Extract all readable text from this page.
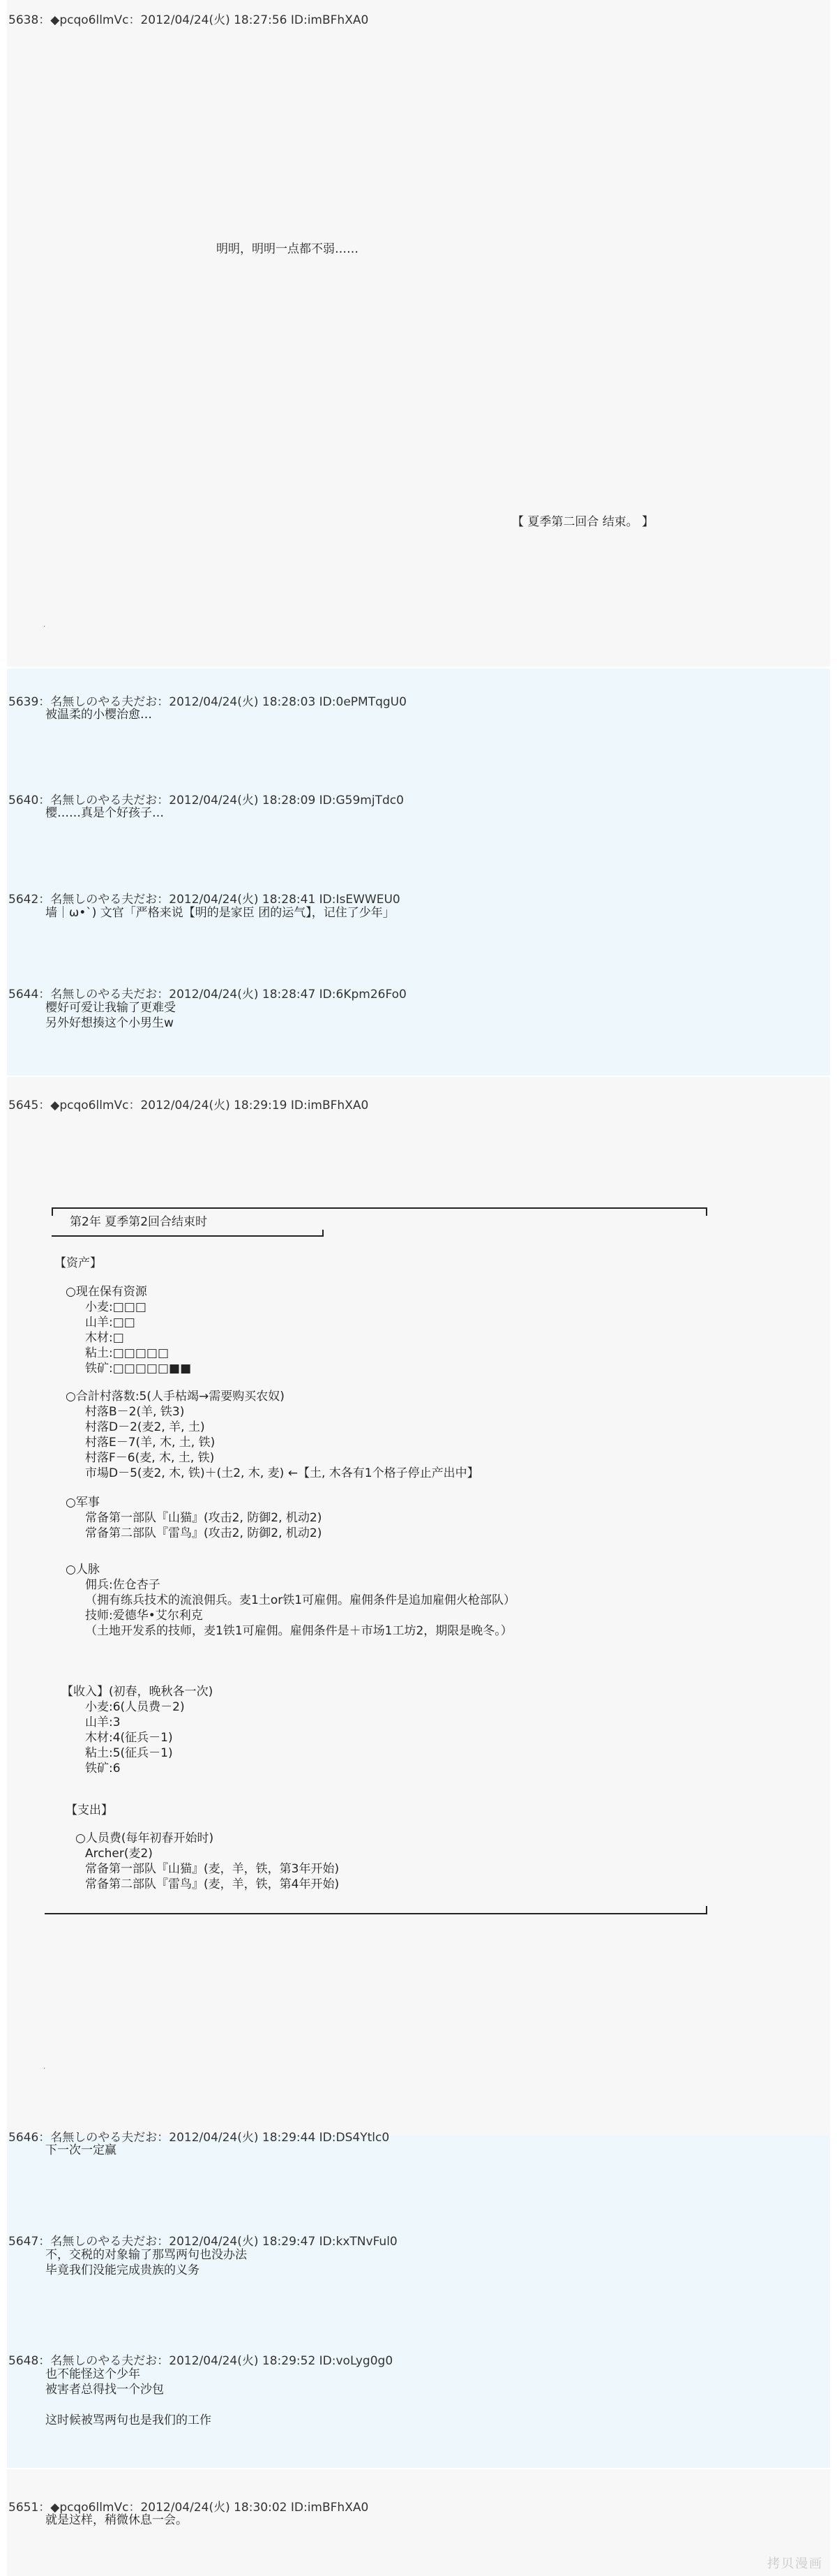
5638：◆pcqo6llmVc：2012/04/24(火) 18:27:56 ID:imBFhXA0
明明，明明一点都不弱……
【 夏季第二回合 结束。 】
.
5639：名無しのやる夫だお：2012/04/24(火) 18:28:03 ID:0ePMTqgU0
被温柔的小樱治愈…
5640：名無しのやる夫だお：2012/04/24(火) 18:28:09 ID:G59mjTdc0
樱……真是个好孩子…
5642：名無しのやる夫だお：2012/04/24(火) 18:28:41 ID:IsEWWEU0
墙｜ω•`) 文官「严格来说【明的是家臣 团的运气】，记住了少年」
5644：名無しのやる夫だお：2012/04/24(火) 18:28:47 ID:6Kpm26Fo0
樱好可爱让我输了更难受
另外好想揍这个小男生w
5645：◆pcqo6llmVc：2012/04/24(火) 18:29:19 ID:imBFhXA0
第2年 夏季第2回合结束时
【资产】
○现在保有资源
小麦:□□□
山羊:□□
木材:□
粘土:□□□□□
铁矿:□□□□□■■
○合計村落数:5(人手枯竭→需要购买农奴)
村落B－2(羊, 铁3)
村落D－2(麦2, 羊, 土)
村落E－7(羊, 木, 土, 铁)
村落F－6(麦, 木, 土, 铁)
市場D－5(麦2, 木, 铁)＋(土2, 木, 麦) ←【土, 木各有1个格子停止产出中】
○军事
常备第一部队『山猫』(攻击2, 防御2, 机动2)
常备第二部队『雷鸟』(攻击2, 防御2, 机动2)
○人脉
佣兵:佐仓杏子
（拥有练兵技术的流浪佣兵。麦1土or铁1可雇佣。雇佣条件是追加雇佣火枪部队）
技师:爱德华•艾尔利克
（土地开发系的技师，麦1铁1可雇佣。雇佣条件是＋市场1工坊2，期限是晚冬。）
【收入】(初春，晚秋各一次)
小麦:6(人员费－2)
山羊:3
木材:4(征兵－1)
粘土:5(征兵－1)
铁矿:6
【支出】
○人员费(每年初春开始时)
Archer(麦2)
常备第一部队『山猫』(麦，羊，铁，第3年开始)
常备第二部队『雷鸟』(麦，羊，铁，第4年开始)
.
5646：名無しのやる夫だお：2012/04/24(火) 18:29:44 ID:DS4Ytlc0
下一次一定赢
5647：名無しのやる夫だお：2012/04/24(火) 18:29:47 ID:kxTNvFul0
不，交税的对象输了那骂两句也没办法
毕竟我们没能完成贵族的义务
5648：名無しのやる夫だお：2012/04/24(火) 18:29:52 ID:voLyg0g0
也不能怪这个少年
被害者总得找一个沙包
这时候被骂两句也是我们的工作
5651：◆pcqo6llmVc：2012/04/24(火) 18:30:02 ID:imBFhXA0
就是这样，稍微休息一会。
拷贝漫画
